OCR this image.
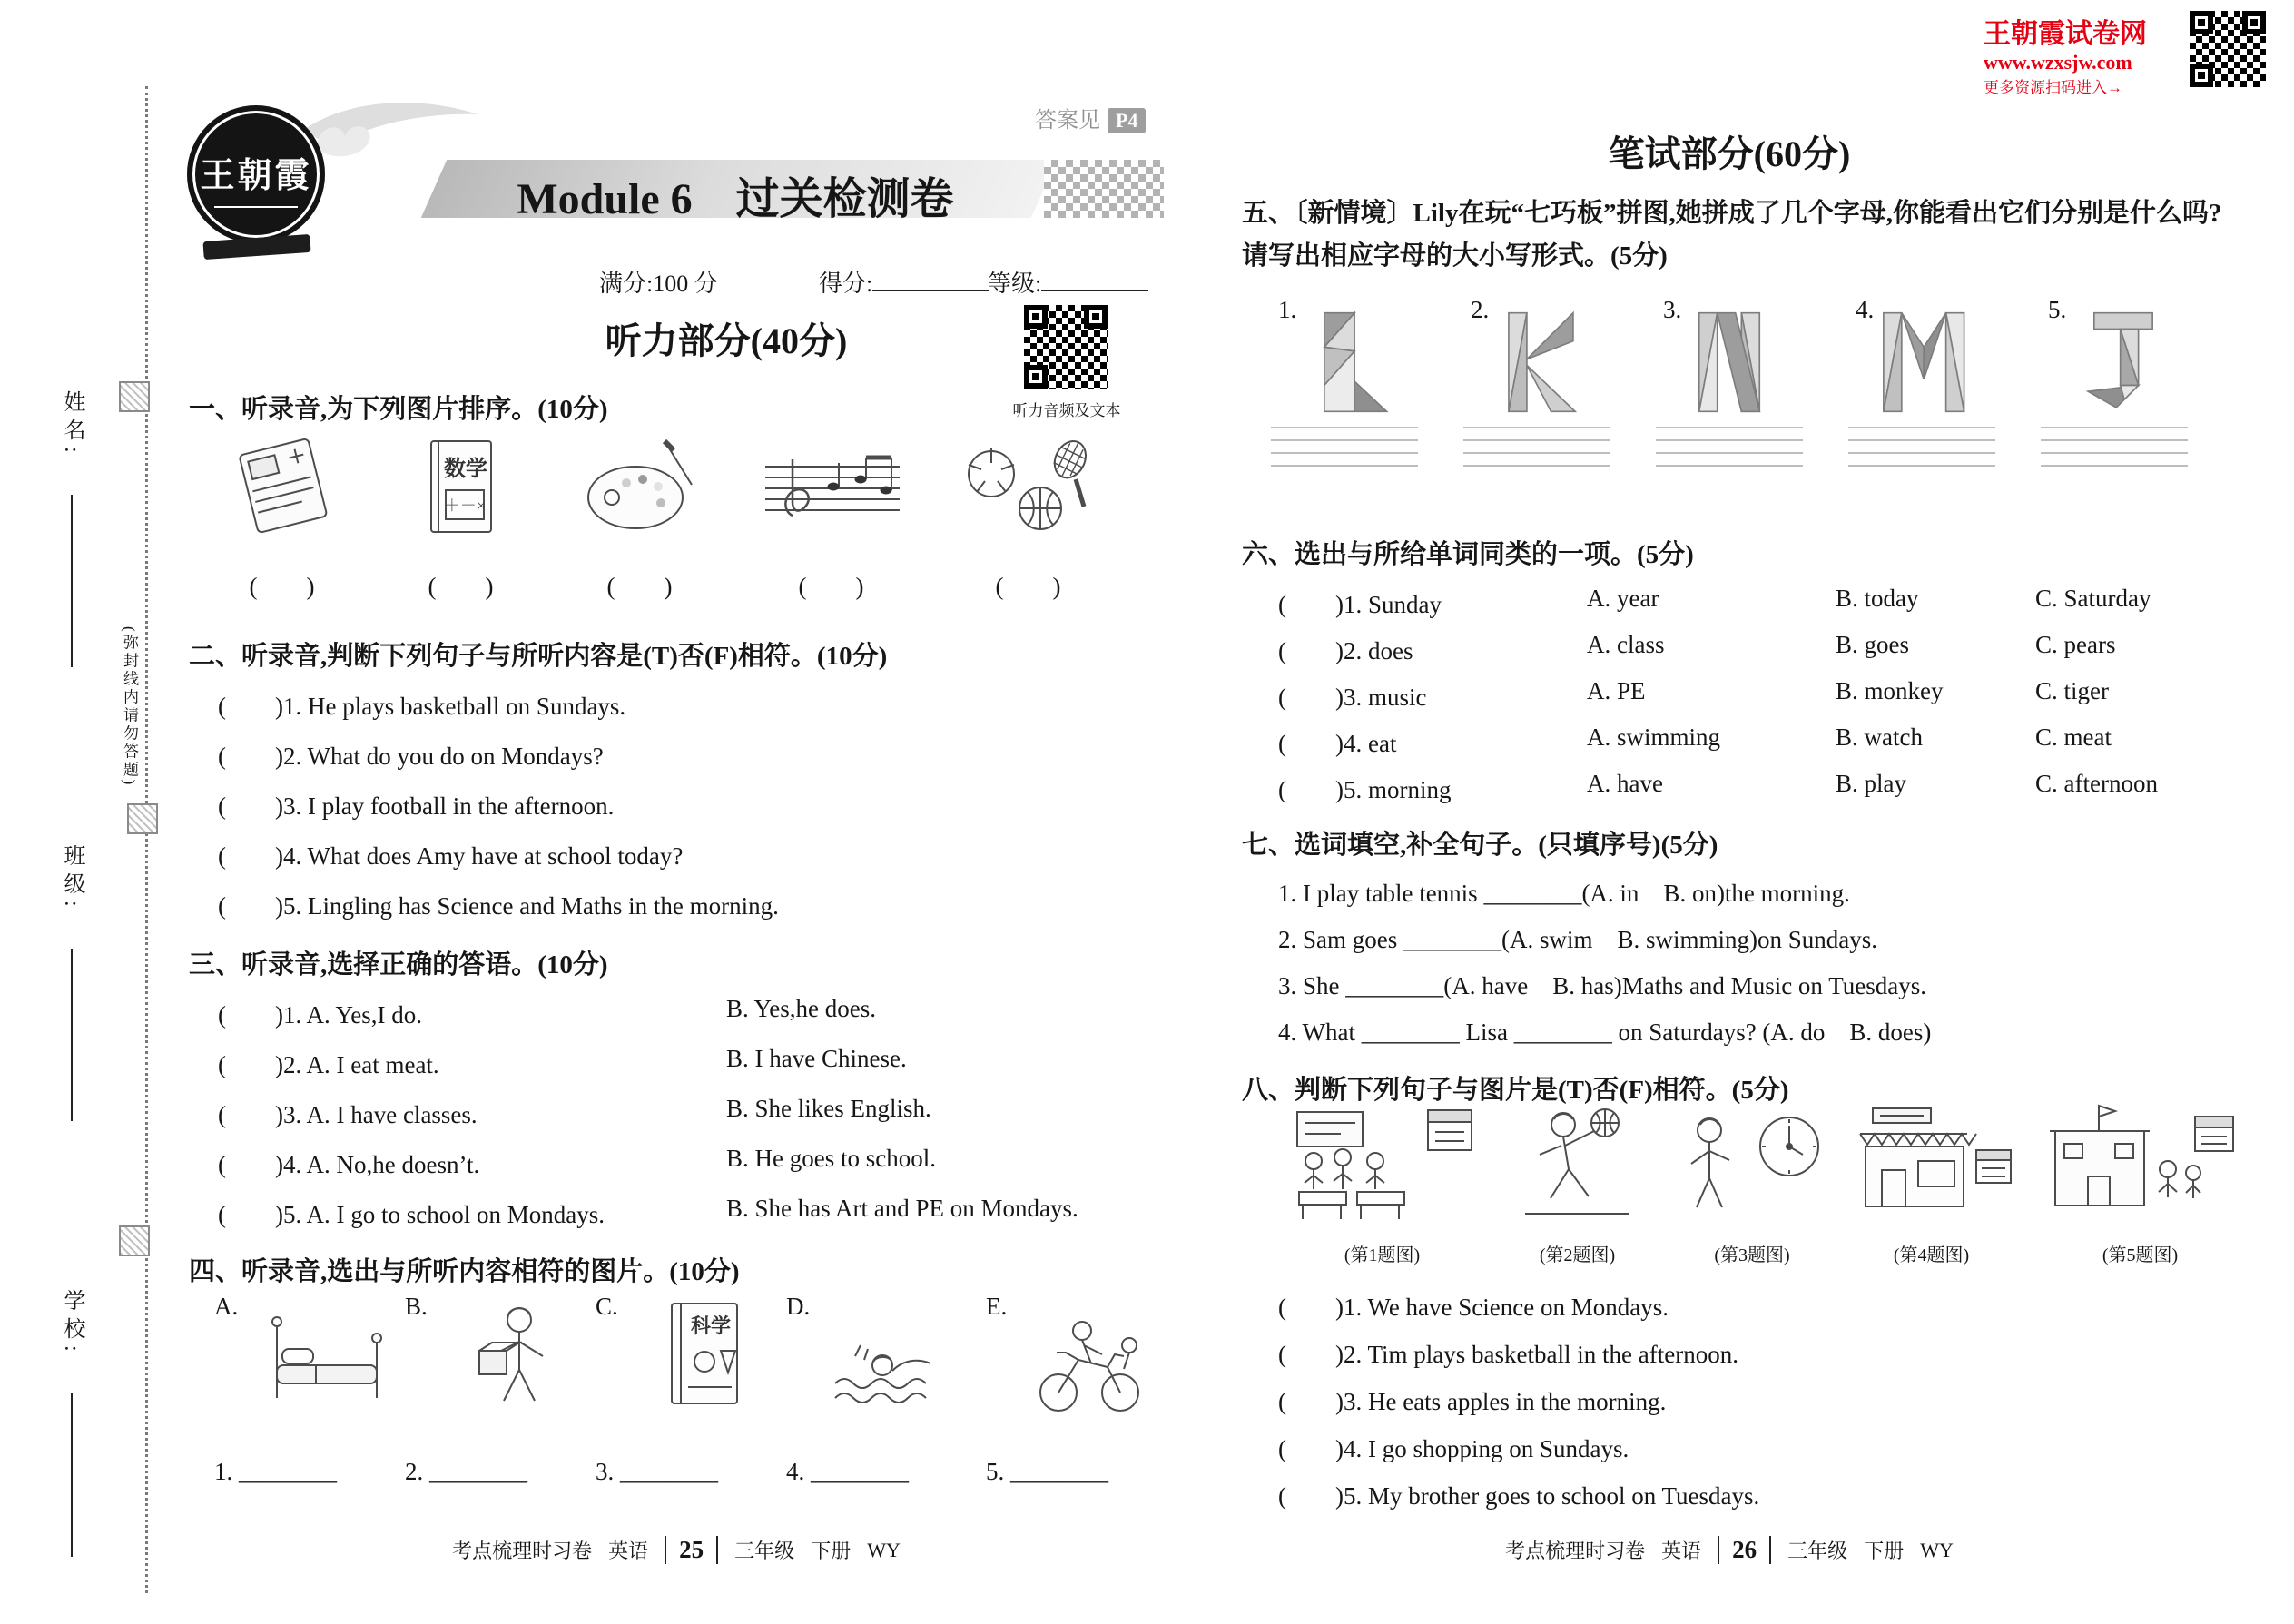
姓名:
(弥封线内请勿答题)
班级:
学校:
王朝霞
答案见 P4
Module 6　过关检测卷
满分:100 分	得分:	等级:
听力部分(40分)
听力音频及文本
一、听录音,为下列图片排序。(10分)
数学
＋－×
(　　)	(　　)	(　　)	(　　)	(　　)
二、听录音,判断下列句子与所听内容是(T)否(F)相符。(10分)
(　　)1. He plays basketball on Sundays.
(　　)2. What do you do on Mondays?
(　　)3. I play football in the afternoon.
(　　)4. What does Amy have at school today?
(　　)5. Lingling has Science and Maths in the morning.
三、听录音,选择正确的答语。(10分)
(　　)1. A. Yes,I do.	B. Yes,he does.
(　　)2. A. I eat meat.	B. I have Chinese.
(　　)3. A. I have classes.	B. She likes English.
(　　)4. A. No,he doesn’t.	B. He goes to school.
(　　)5. A. I go to school on Mondays.	B. She has Art and PE on Mondays.
四、听录音,选出与所听内容相符的图片。(10分)
A.	B.	C.
科学
D.	E.
1. ________	2. ________	3. ________	4. ________	5. ________
考点梳理时习卷 英语	25	三年级 下册 WY
王朝霞试卷网
www.wzxsjw.com
更多资源扫码进入→
笔试部分(60分)
五、〔新情境〕Lily在玩“七巧板”拼图,她拼成了几个字母,你能看出它们分别是什么吗? 请写出相应字母的大小写形式。(5分)
1.	2.	3.	4.	5.
六、选出与所给单词同类的一项。(5分)
(　　)1. Sunday	A. year	B. today	C. Saturday
(　　)2. does	A. class	B. goes	C. pears
(　　)3. music	A. PE	B. monkey	C. tiger
(　　)4. eat	A. swimming	B. watch	C. meat
(　　)5. morning	A. have	B. play	C. afternoon
七、选词填空,补全句子。(只填序号)(5分)
1. I play table tennis ________(A. in　B. on)the morning.
2. Sam goes ________(A. swim　B. swimming)on Sundays.
3. She ________(A. have　B. has)Maths and Music on Tuesdays.
4. What ________ Lisa ________ on Saturdays? (A. do　B. does)
八、判断下列句子与图片是(T)否(F)相符。(5分)
(第1题图)	(第2题图)	(第3题图)	(第4题图)	(第5题图)
(　　)1. We have Science on Mondays.
(　　)2. Tim plays basketball in the afternoon.
(　　)3. He eats apples in the morning.
(　　)4. I go shopping on Sundays.
(　　)5. My brother goes to school on Tuesdays.
考点梳理时习卷 英语	26	三年级 下册 WY
